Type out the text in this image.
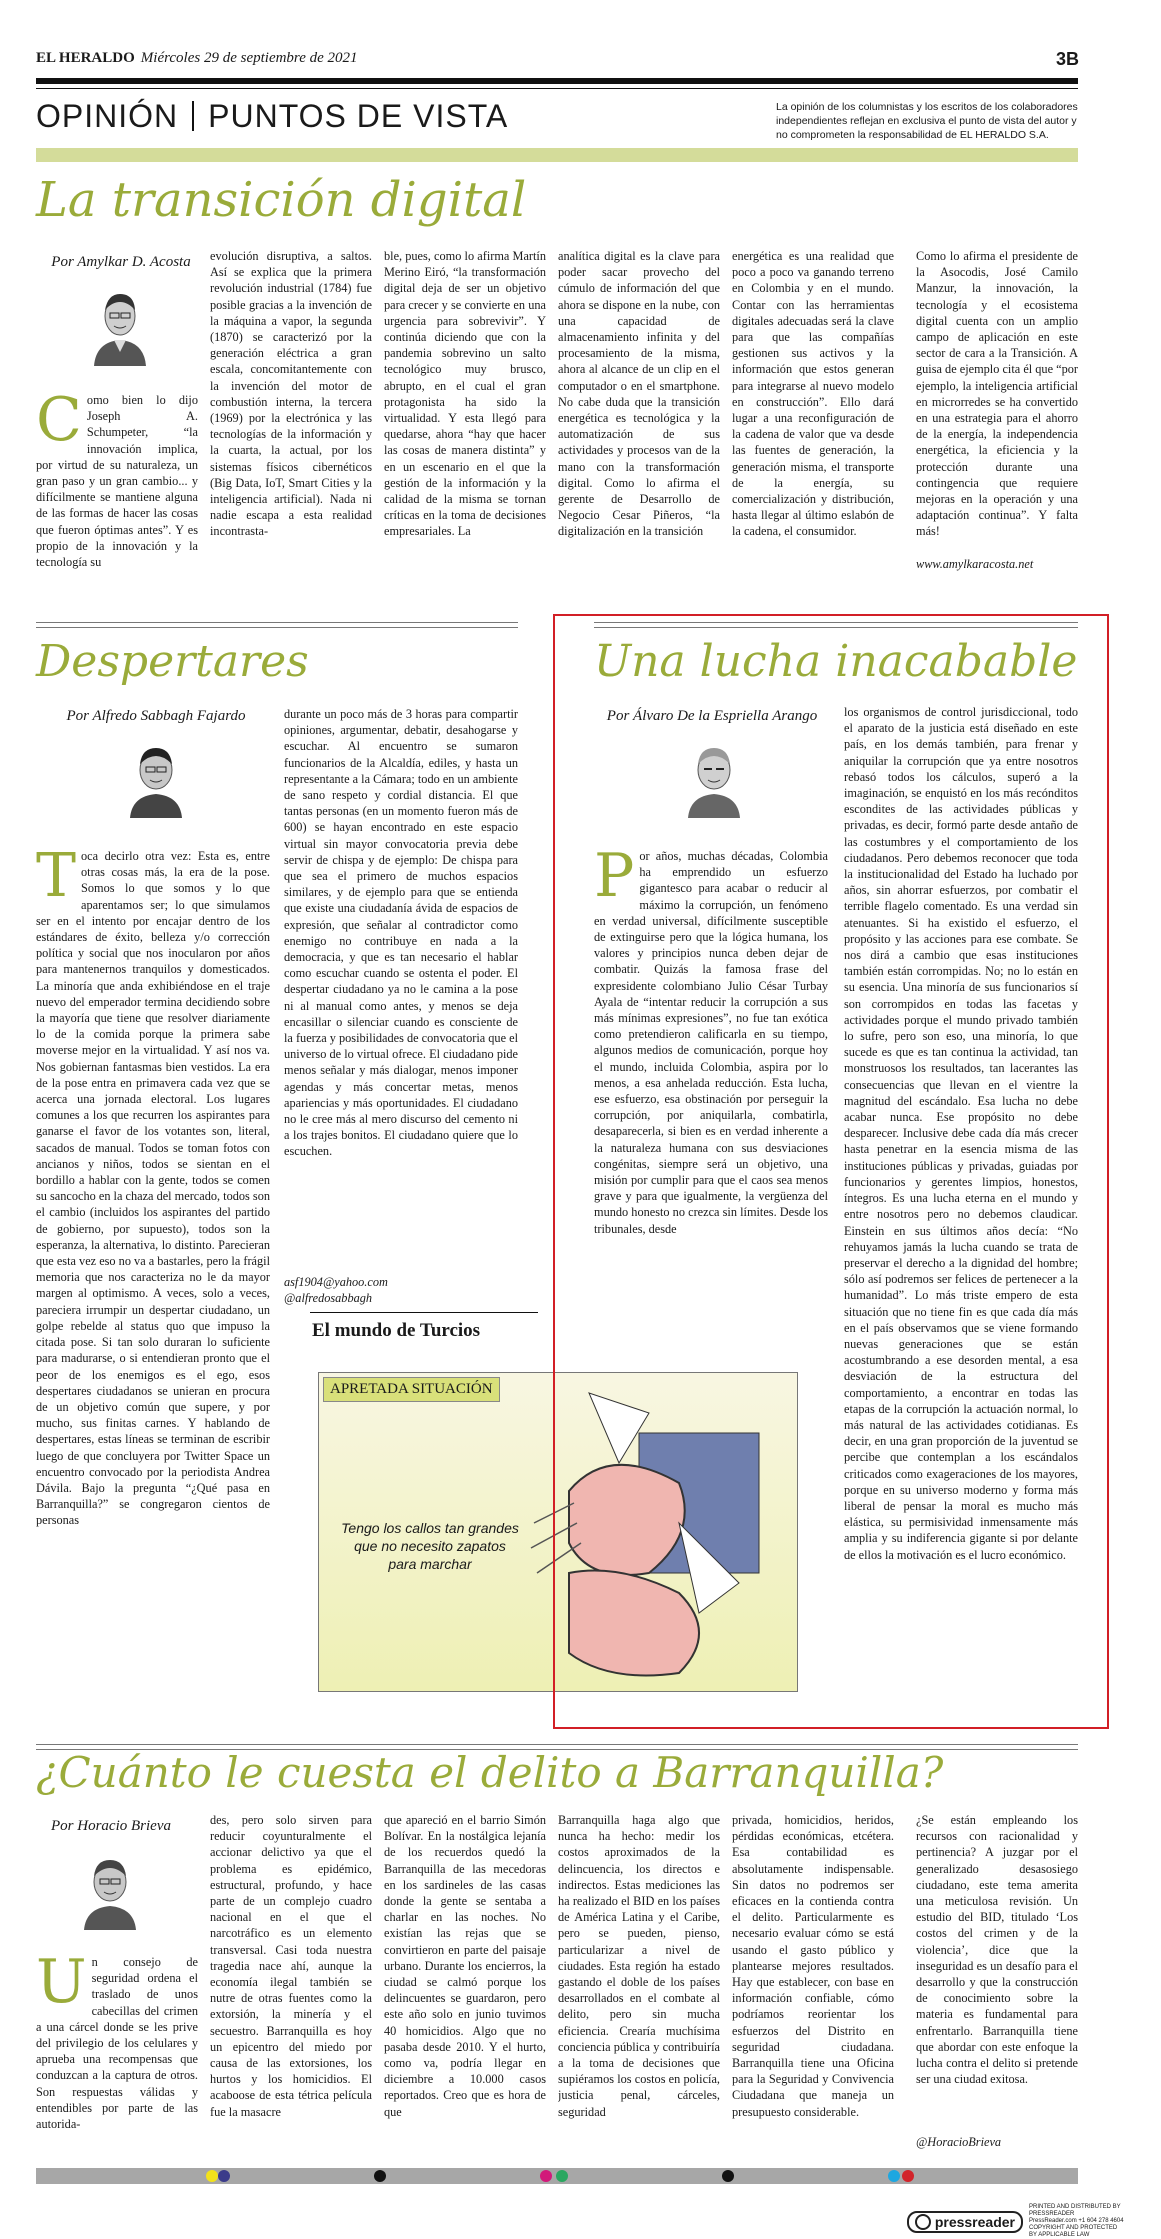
EL HERALDO Miércoles 29 de septiembre de 2021	3B
OPINIÓN PUNTOS DE VISTA	La opinión de los columnistas y los escritos de los colaboradores independientes reflejan en exclusiva el punto de vista del autor y no comprometen la responsabilidad de EL HERALDO S.A.
La transición digital
Por Amylkar D. Acosta
C omo bien lo dijo Joseph A. Schumpeter, “la innovación implica, por virtud de su naturaleza, un gran paso y un gran cambio... y difícilmente se mantiene alguna de las formas de hacer las cosas que fueron óptimas antes”. Y es propio de la innovación y la tecnología su
evolución disruptiva, a saltos. Así se explica que la primera revolución industrial (1784) fue posible gracias a la invención de la máquina a vapor, la segunda (1870) se caracterizó por la generación eléctrica a gran escala, concomitantemente con la invención del motor de combustión interna, la tercera (1969) por la electrónica y las tecnologías de la información y la cuarta, la actual, por los sistemas físicos cibernéticos (Big Data, IoT, Smart Cities y la inteligencia artificial). Nada ni nadie escapa a esta realidad incontrasta-
ble, pues, como lo afirma Martín Merino Eiró, “la transformación digital deja de ser un objetivo para crecer y se convierte en una urgencia para sobrevivir”. Y continúa diciendo que con la pandemia sobrevino un salto tecnológico muy brusco, abrupto, en el cual el gran protagonista ha sido la virtualidad. Y esta llegó para quedarse, ahora “hay que hacer las cosas de manera distinta” y en un escenario en el que la gestión de la información y la calidad de la misma se tornan críticas en la toma de decisiones empresariales. La
analítica digital es la clave para poder sacar provecho del cúmulo de información del que ahora se dispone en la nube, con una capacidad de almacenamiento infinita y del procesamiento de la misma, ahora al alcance de un clip en el computador o en el smartphone. No cabe duda que la transición energética es tecnológica y la automatización de sus actividades y procesos van de la mano con la transformación digital. Como lo afirma el gerente de Desarrollo de Negocio Cesar Piñeros, “la digitalización en la transición
energética es una realidad que poco a poco va ganando terreno en Colombia y en el mundo. Contar con las herramientas digitales adecuadas será la clave para que las compañías gestionen sus activos y la información que estos generan para integrarse al nuevo modelo en construcción”. Ello dará lugar a una reconfiguración de la cadena de valor que va desde las fuentes de generación, la generación misma, el transporte de la energía, su comercialización y distribución, hasta llegar al último eslabón de la cadena, el consumidor.
Como lo afirma el presidente de la Asocodis, José Camilo Manzur, la innovación, la tecnología y el ecosistema digital cuenta con un amplio campo de aplicación en este sector de cara a la Transición. A guisa de ejemplo cita él que “por ejemplo, la inteligencia artificial en microrredes se ha convertido en una estrategia para el ahorro de la energía, la independencia energética, la eficiencia y la protección durante una contingencia que requiere mejoras en la operación y una adaptación continua”. Y falta más!
www.amylkaracosta.net
Despertares
Por Alfredo Sabbagh Fajardo
T oca decirlo otra vez: Esta es, entre otras cosas más, la era de la pose. Somos lo que somos y lo que aparentamos ser; lo que simulamos ser en el intento por encajar dentro de los estándares de éxito, belleza y/o corrección política y social que nos inocularon por años para mantenernos tranquilos y domesticados. La minoría que anda exhibiéndose en el traje nuevo del emperador termina decidiendo sobre la mayoría que tiene que resolver diariamente lo de la comida porque la primera sabe moverse mejor en la virtualidad. Y así nos va. Nos gobiernan fantasmas bien vestidos. La era de la pose entra en primavera cada vez que se acerca una jornada electoral. Los lugares comunes a los que recurren los aspirantes para ganarse el favor de los votantes son, literal, sacados de manual. Todos se toman fotos con ancianos y niños, todos se sientan en el bordillo a hablar con la gente, todos se comen su sancocho en la chaza del mercado, todos son el cambio (incluidos los aspirantes del partido de gobierno, por supuesto), todos son la esperanza, la alternativa, lo distinto. Parecieran que esta vez eso no va a bastarles, pero la frágil memoria que nos caracteriza no le da mayor margen al optimismo. A veces, solo a veces, pareciera irrumpir un despertar ciudadano, un golpe rebelde al status quo que impuso la citada pose. Si tan solo duraran lo suficiente para madurarse, o si entendieran pronto que el peor de los enemigos es el ego, esos despertares ciudadanos se unieran en procura de un objetivo común que supere, y por mucho, sus finitas carnes. Y hablando de despertares, estas líneas se terminan de escribir luego de que concluyera por Twitter Space un encuentro convocado por la periodista Andrea Dávila. Bajo la pregunta “¿Qué pasa en Barranquilla?” se congregaron cientos de personas
durante un poco más de 3 horas para compartir opiniones, argumentar, debatir, desahogarse y escuchar. Al encuentro se sumaron funcionarios de la Alcaldía, ediles, y hasta un representante a la Cámara; todo en un ambiente de sano respeto y cordial distancia. El que tantas personas (en un momento fueron más de 600) se hayan encontrado en este espacio virtual sin mayor convocatoria previa debe servir de chispa y de ejemplo: De chispa para que sea el primero de muchos espacios similares, y de ejemplo para que se entienda que existe una ciudadanía ávida de espacios de expresión, que señalar al contradictor como enemigo no contribuye en nada a la democracia, y que es tan necesario el hablar como escuchar cuando se ostenta el poder. El despertar ciudadano ya no le camina a la pose ni al manual como antes, y menos se deja encasillar o silenciar cuando es consciente de la fuerza y posibilidades de convocatoria que el universo de lo virtual ofrece. El ciudadano pide menos señalar y más dialogar, menos imponer agendas y más concertar metas, menos apariencias y más oportunidades. El ciudadano no le cree más al mero discurso del cemento ni a los trajes bonitos. El ciudadano quiere que lo escuchen.
asf1904@yahoo.com
@alfredosabbagh
El mundo de Turcios
APRETADA SITUACIÓN
Tengo los callos tan grandes que no necesito zapatos para marchar
Una lucha inacabable
Por Álvaro De la Espriella Arango
P or años, muchas décadas, Colombia ha emprendido un esfuerzo gigantesco para acabar o reducir al máximo la corrupción, un fenómeno en verdad universal, difícilmente susceptible de extinguirse pero que la lógica humana, los valores y principios nunca deben dejar de combatir. Quizás la famosa frase del expresidente colombiano Julio César Turbay Ayala de “intentar reducir la corrupción a sus más mínimas expresiones”, no fue tan exótica como pretendieron calificarla en su tiempo, algunos medios de comunicación, porque hoy el mundo, incluida Colombia, aspira por lo menos, a esa anhelada reducción. Esta lucha, ese esfuerzo, esa obstinación por perseguir la corrupción, por aniquilarla, combatirla, desaparecerla, si bien es en verdad inherente a la naturaleza humana con sus desviaciones congénitas, siempre será un objetivo, una misión por cumplir para que el caos sea menos grave y para que igualmente, la vergüenza del mundo honesto no crezca sin límites. Desde los tribunales, desde
los organismos de control jurisdiccional, todo el aparato de la justicia está diseñado en este país, en los demás también, para frenar y aniquilar la corrupción que ya entre nosotros rebasó todos los cálculos, superó a la imaginación, se enquistó en los más recónditos escondites de las actividades públicas y privadas, es decir, formó parte desde antaño de las costumbres y el comportamiento de los ciudadanos. Pero debemos reconocer que toda la institucionalidad del Estado ha luchado por años, sin ahorrar esfuerzos, por combatir el terrible flagelo comentado. Es una verdad sin atenuantes. Si ha existido el esfuerzo, el propósito y las acciones para ese combate. Se nos dirá a cambio que esas instituciones también están corrompidas. No; no lo están en su esencia. Una minoría de sus funcionarios sí son corrompidos en todas las facetas y actividades porque el mundo privado también lo sufre, pero son eso, una minoría, lo que sucede es que es tan continua la actividad, tan monstruosos los resultados, tan lacerantes las consecuencias que llevan en el vientre la magnitud del escándalo. Esa lucha no debe acabar nunca. Ese propósito no debe desparecer. Inclusive debe cada día más crecer hasta penetrar en la esencia misma de las instituciones públicas y privadas, guiadas por funcionarios y gerentes limpios, honestos, íntegros. Es una lucha eterna en el mundo y entre nosotros pero no debemos claudicar. Einstein en sus últimos años decía: “No rehuyamos jamás la lucha cuando se trata de preservar el derecho a la dignidad del hombre; sólo así podremos ser felices de pertenecer a la humanidad”. Lo más triste empero de esta situación que no tiene fin es que cada día más en el país observamos que se viene formando nuevas generaciones que se están acostumbrando a ese desorden mental, a esa desviación de la estructura del comportamiento, a encontrar en todas las etapas de la corrupción la actuación normal, lo más natural de las actividades cotidianas. Es decir, en una gran proporción de la juventud se percibe que contemplan a los escándalos criticados como exageraciones de los mayores, porque en su universo moderno y forma más liberal de pensar la moral es mucho más elástica, su permisividad inmensamente más amplia y su indiferencia gigante si por delante de ellos la motivación es el lucro económico.
¿Cuánto le cuesta el delito a Barranquilla?
Por Horacio Brieva
U n consejo de seguridad ordena el traslado de unos cabecillas del crimen a una cárcel donde se les prive del privilegio de los celulares y aprueba una recompensas que conduzcan a la captura de otros. Son respuestas válidas y entendibles por parte de las autorida-
des, pero solo sirven para reducir coyunturalmente el accionar delictivo ya que el problema es epidémico, estructural, profundo, y hace parte de un complejo cuadro nacional en el que el narcotráfico es un elemento transversal. Casi toda nuestra tragedia nace ahí, aunque la economía ilegal también se nutre de otras fuentes como la extorsión, la minería y el secuestro. Barranquilla es hoy un epicentro del miedo por causa de las extorsiones, los hurtos y los homicidios. El acaboose de esta tétrica película fue la masacre
que apareció en el barrio Simón Bolívar. En la nostálgica lejanía de los recuerdos quedó la Barranquilla de las mecedoras en los sardineles de las casas donde la gente se sentaba a charlar en las noches. No existían las rejas que se convirtieron en parte del paisaje urbano. Durante los encierros, la ciudad se calmó porque los delincuentes se guardaron, pero este año solo en junio tuvimos 40 homicidios. Algo que no pasaba desde 2010. Y el hurto, como va, podría llegar en diciembre a 10.000 casos reportados. Creo que es hora de que
Barranquilla haga algo que nunca ha hecho: medir los costos aproximados de la delincuencia, los directos e indirectos. Estas mediciones las ha realizado el BID en los países de América Latina y el Caribe, pero se pueden, pienso, particularizar a nivel de ciudades. Esta región ha estado gastando el doble de los países desarrollados en el combate al delito, pero sin mucha eficiencia. Crearía muchísima conciencia pública y contribuiría a la toma de decisiones que supiéramos los costos en policía, justicia penal, cárceles, seguridad
privada, homicidios, heridos, pérdidas económicas, etcétera. Esa contabilidad es absolutamente indispensable. Sin datos no podremos ser eficaces en la contienda contra el delito. Particularmente es necesario evaluar cómo se está usando el gasto público y plantearse mejores resultados. Hay que establecer, con base en información confiable, cómo podríamos reorientar los esfuerzos del Distrito en seguridad ciudadana. Barranquilla tiene una Oficina para la Seguridad y Convivencia Ciudadana que maneja un presupuesto considerable.
¿Se están empleando los recursos con racionalidad y pertinencia? A juzgar por el generalizado desasosiego ciudadano, este tema amerita una meticulosa revisión. Un estudio del BID, titulado ‘Los costos del crimen y de la violencia’, dice que la inseguridad es un desafío para el desarrollo y que la construcción de conocimiento sobre la materia es fundamental para enfrentarlo. Barranquilla tiene que abordar con este enfoque la lucha contra el delito si pretende ser una ciudad exitosa.
@HoracioBrieva
pressreader
PRINTED AND DISTRIBUTED BY PRESSREADER
PressReader.com +1 604 278 4604
COPYRIGHT AND PROTECTED BY APPLICABLE LAW
